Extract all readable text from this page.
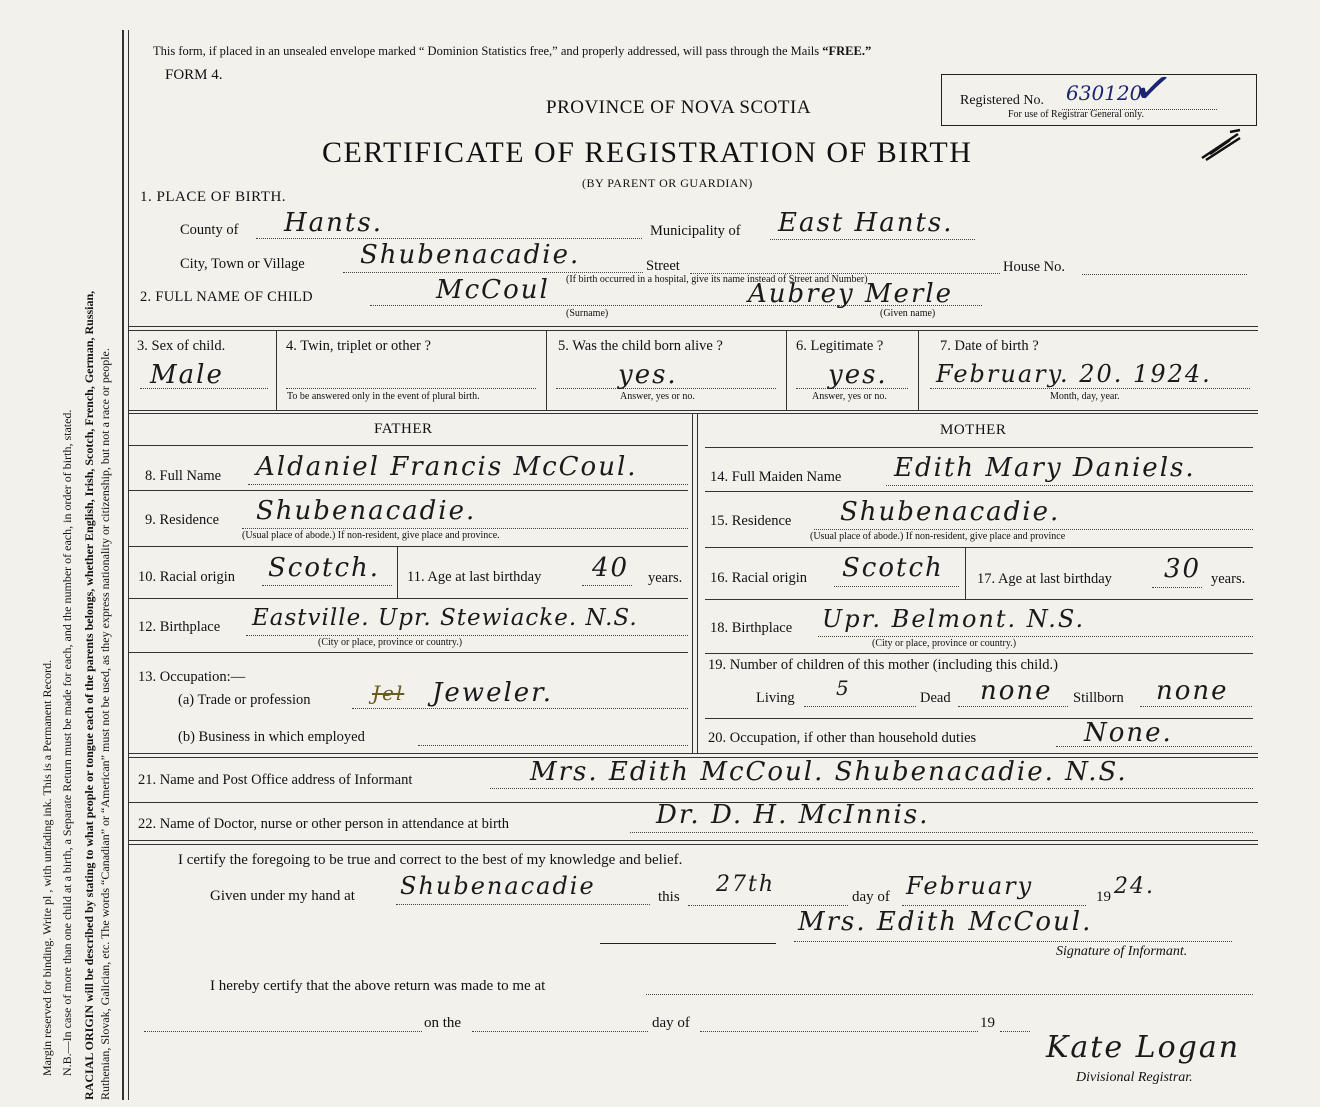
Margin reserved for binding. Write pl , with unfading ink. This is a Permanent Record. N.B.—In case of more than one child at a birth, a Separate Return must be made for each, and the number of each, in order of birth, stated. RACIAL ORIGIN will be described by stating to what people or tongue each of the parents belongs, whether English, Irish, Scotch, French, German, Russian, Ruthenian, Slovak, Galician, etc. The words “Canadian” or “American” must not be used, as they express nationality or citizenship, but not a race or people.
This form, if placed in an unsealed envelope marked “ Dominion Statistics free,” and properly addressed, will pass through the Mails “FREE.”
FORM 4.
Registered No. 630120
✓
For use of Registrar General only.
PROVINCE OF NOVA SCOTIA
CERTIFICATE OF REGISTRATION OF BIRTH
(BY PARENT OR GUARDIAN)
1. PLACE OF BIRTH.
County of Hants.	Municipality of East Hants.
City, Town or Village Shubenacadie.	Street	House No.
(If birth occurred in a hospital, give its name instead of Street and Number)
2. FULL NAME OF CHILD	McCoul
(Surname)
Aubrey Merle
(Given name)
3. Sex of child.
Male
4. Twin, triplet or other ?
To be answered only in the event of plural birth.
5. Was the child born alive ?
yes.
Answer, yes or no.
6. Legitimate ?
yes.
Answer, yes or no.
7. Date of birth ?
February. 20. 1924.
Month, day, year.
FATHER	MOTHER
8. Full Name Aldaniel Francis McCoul.	14. Full Maiden Name Edith Mary Daniels.
9. Residence Shubenacadie.
(Usual place of abode.) If non-resident, give place and province.
15. Residence Shubenacadie.
(Usual place of abode.) If non-resident, give place and province
10. Racial origin Scotch. 11. Age at last birthday 40 years. 16. Racial origin Scotch 17. Age at last birthday 30 years.
12. Birthplace Eastville. Upr. Stewiacke. N.S.
(City or place, province or country.)
18. Birthplace Upr. Belmont. N.S.
(City or place, province or country.)
13. Occupation:—
(a) Trade or profession	Jel Jeweler.
(b) Business in which employed
19. Number of children of this mother (including this child.)
Living 5	Dead none Stillborn none
20. Occupation, if other than household duties	None.
21. Name and Post Office address of Informant	Mrs. Edith McCoul. Shubenacadie. N.S.
22. Name of Doctor, nurse or other person in attendance at birth	Dr. D. H. McInnis.
I certify the foregoing to be true and correct to the best of my knowledge and belief.
Given under my hand at Shubenacadie	this 27th	day of February	19 24.
Mrs. Edith McCoul.
Signature of Informant.
I hereby certify that the above return was made to me at
on the	day of	19
Kate Logan
Divisional Registrar.
